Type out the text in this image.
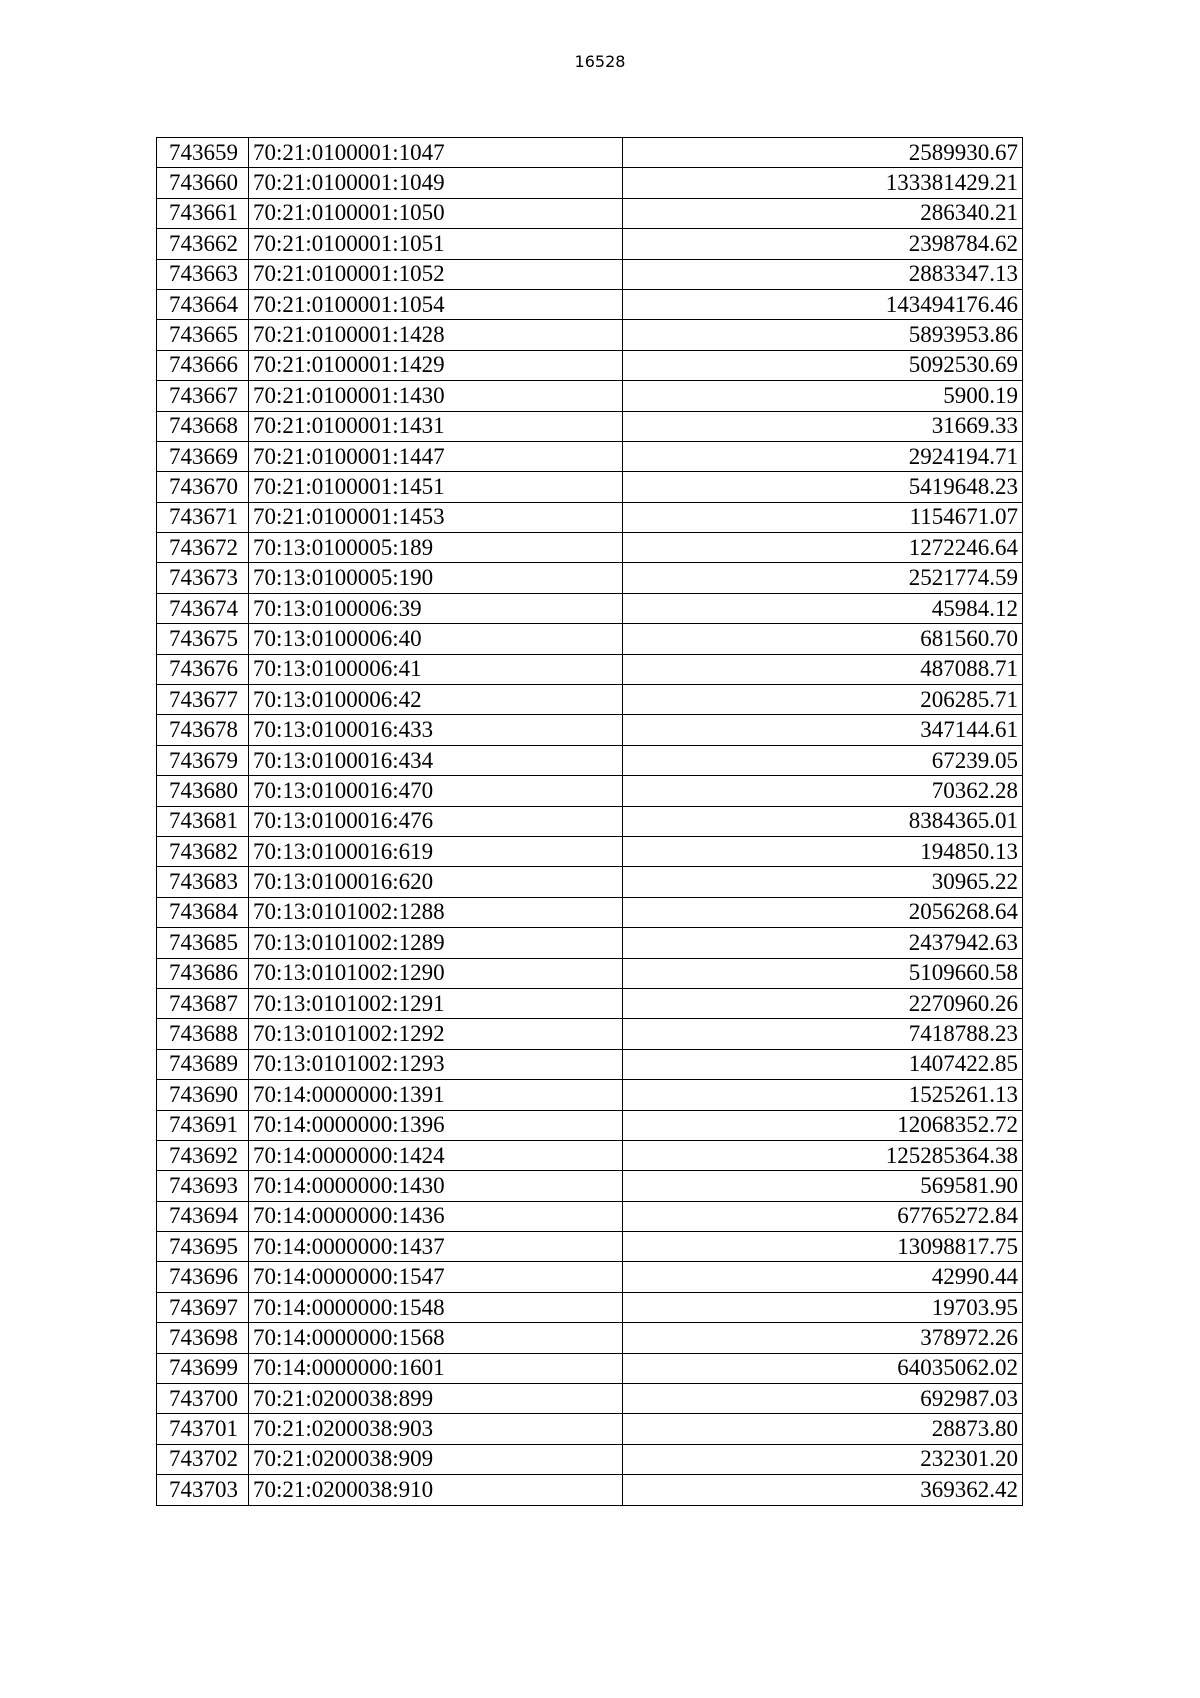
16528
743659	70:21:0100001:1047	2589930.67
743660	70:21:0100001:1049	133381429.21
743661	70:21:0100001:1050	286340.21
743662	70:21:0100001:1051	2398784.62
743663	70:21:0100001:1052	2883347.13
743664	70:21:0100001:1054	143494176.46
743665	70:21:0100001:1428	5893953.86
743666	70:21:0100001:1429	5092530.69
743667	70:21:0100001:1430	5900.19
743668	70:21:0100001:1431	31669.33
743669	70:21:0100001:1447	2924194.71
743670	70:21:0100001:1451	5419648.23
743671	70:21:0100001:1453	1154671.07
743672	70:13:0100005:189	1272246.64
743673	70:13:0100005:190	2521774.59
743674	70:13:0100006:39	45984.12
743675	70:13:0100006:40	681560.70
743676	70:13:0100006:41	487088.71
743677	70:13:0100006:42	206285.71
743678	70:13:0100016:433	347144.61
743679	70:13:0100016:434	67239.05
743680	70:13:0100016:470	70362.28
743681	70:13:0100016:476	8384365.01
743682	70:13:0100016:619	194850.13
743683	70:13:0100016:620	30965.22
743684	70:13:0101002:1288	2056268.64
743685	70:13:0101002:1289	2437942.63
743686	70:13:0101002:1290	5109660.58
743687	70:13:0101002:1291	2270960.26
743688	70:13:0101002:1292	7418788.23
743689	70:13:0101002:1293	1407422.85
743690	70:14:0000000:1391	1525261.13
743691	70:14:0000000:1396	12068352.72
743692	70:14:0000000:1424	125285364.38
743693	70:14:0000000:1430	569581.90
743694	70:14:0000000:1436	67765272.84
743695	70:14:0000000:1437	13098817.75
743696	70:14:0000000:1547	42990.44
743697	70:14:0000000:1548	19703.95
743698	70:14:0000000:1568	378972.26
743699	70:14:0000000:1601	64035062.02
743700	70:21:0200038:899	692987.03
743701	70:21:0200038:903	28873.80
743702	70:21:0200038:909	232301.20
743703	70:21:0200038:910	369362.42
